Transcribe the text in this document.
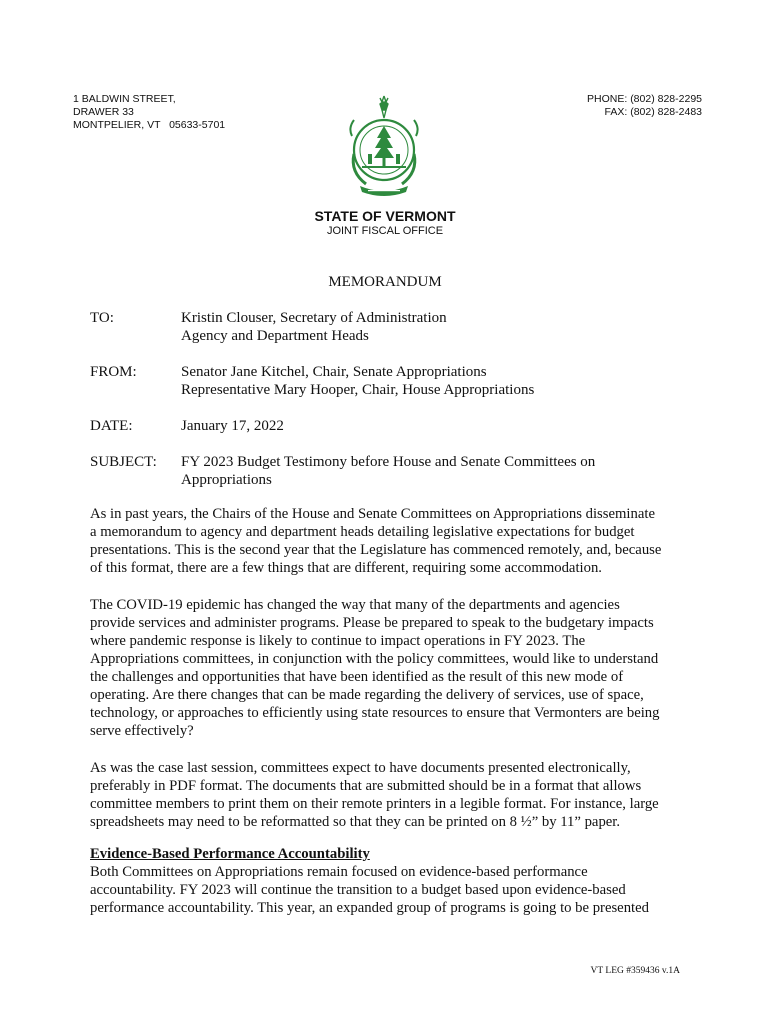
1 BALDWIN STREET,
DRAWER 33
MONTPELIER, VT   05633-5701
PHONE: (802) 828-2295
FAX: (802) 828-2483
STATE OF VERMONT
JOINT FISCAL OFFICE
MEMORANDUM
TO:	Kristin Clouser, Secretary of Administration
Agency and Department Heads
FROM:	Senator Jane Kitchel, Chair, Senate Appropriations
Representative Mary Hooper, Chair, House Appropriations
DATE:	January 17, 2022
SUBJECT:	FY 2023 Budget Testimony before House and Senate Committees on
Appropriations
As in past years, the Chairs of the House and Senate Committees on Appropriations disseminate
a memorandum to agency and department heads detailing legislative expectations for budget
presentations. This is the second year that the Legislature has commenced remotely, and, because
of this format, there are a few things that are different, requiring some accommodation.
The COVID-19 epidemic has changed the way that many of the departments and agencies
provide services and administer programs. Please be prepared to speak to the budgetary impacts
where pandemic response is likely to continue to impact operations in FY 2023. The
Appropriations committees, in conjunction with the policy committees, would like to understand
the challenges and opportunities that have been identified as the result of this new mode of
operating. Are there changes that can be made regarding the delivery of services, use of space,
technology, or approaches to efficiently using state resources to ensure that Vermonters are being
serve effectively?
As was the case last session, committees expect to have documents presented electronically,
preferably in PDF format. The documents that are submitted should be in a format that allows
committee members to print them on their remote printers in a legible format. For instance, large
spreadsheets may need to be reformatted so that they can be printed on 8 ½” by 11” paper.
Evidence-Based Performance Accountability
Both Committees on Appropriations remain focused on evidence-based performance
accountability. FY 2023 will continue the transition to a budget based upon evidence-based
performance accountability. This year, an expanded group of programs is going to be presented
VT LEG #359436 v.1A
